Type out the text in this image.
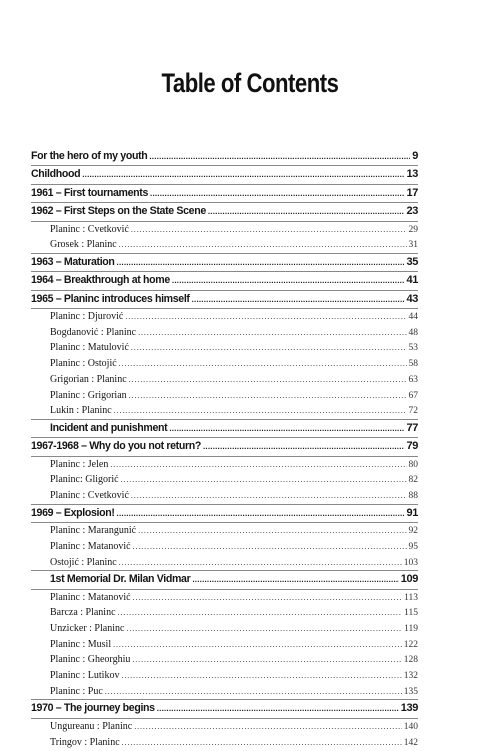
Table of Contents
For the hero of my youth .....	9
Childhood .....	13
1961 – First tournaments .....	17
1962 – First Steps on the State Scene .....	23
Planinc : Cvetković .....	29
Grosek : Planinc .....	31
1963 – Maturation .....	35
1964 – Breakthrough at home .....	41
1965 – Planinc introduces himself .....	43
Planinc : Djurović .....	44
Bogdanović : Planinc .....	48
Planinc : Matulović .....	53
Planinc : Ostojić .....	58
Grigorian : Planinc .....	63
Planinc : Grigorian .....	67
Lukin : Planinc .....	72
Incident and punishment .....	77
1967-1968 – Why do you not return? .....	79
Planinc : Jelen .....	80
Planinc: Gligorić .....	82
Planinc : Cvetković .....	88
1969 – Explosion! .....	91
Planinc : Marangunić .....	92
Planinc : Matanović .....	95
Ostojić : Planinc .....	103
1st Memorial Dr. Milan Vidmar .....	109
Planinc : Matanović .....	113
Barcza : Planinc .....	115
Unzicker : Planinc .....	119
Planinc : Musil .....	122
Planinc : Gheorghiu .....	128
Planinc : Lutikov .....	132
Planinc : Puc .....	135
1970 – The journey begins .....	139
Ungureanu : Planinc .....	140
Tringov : Planinc .....	142
